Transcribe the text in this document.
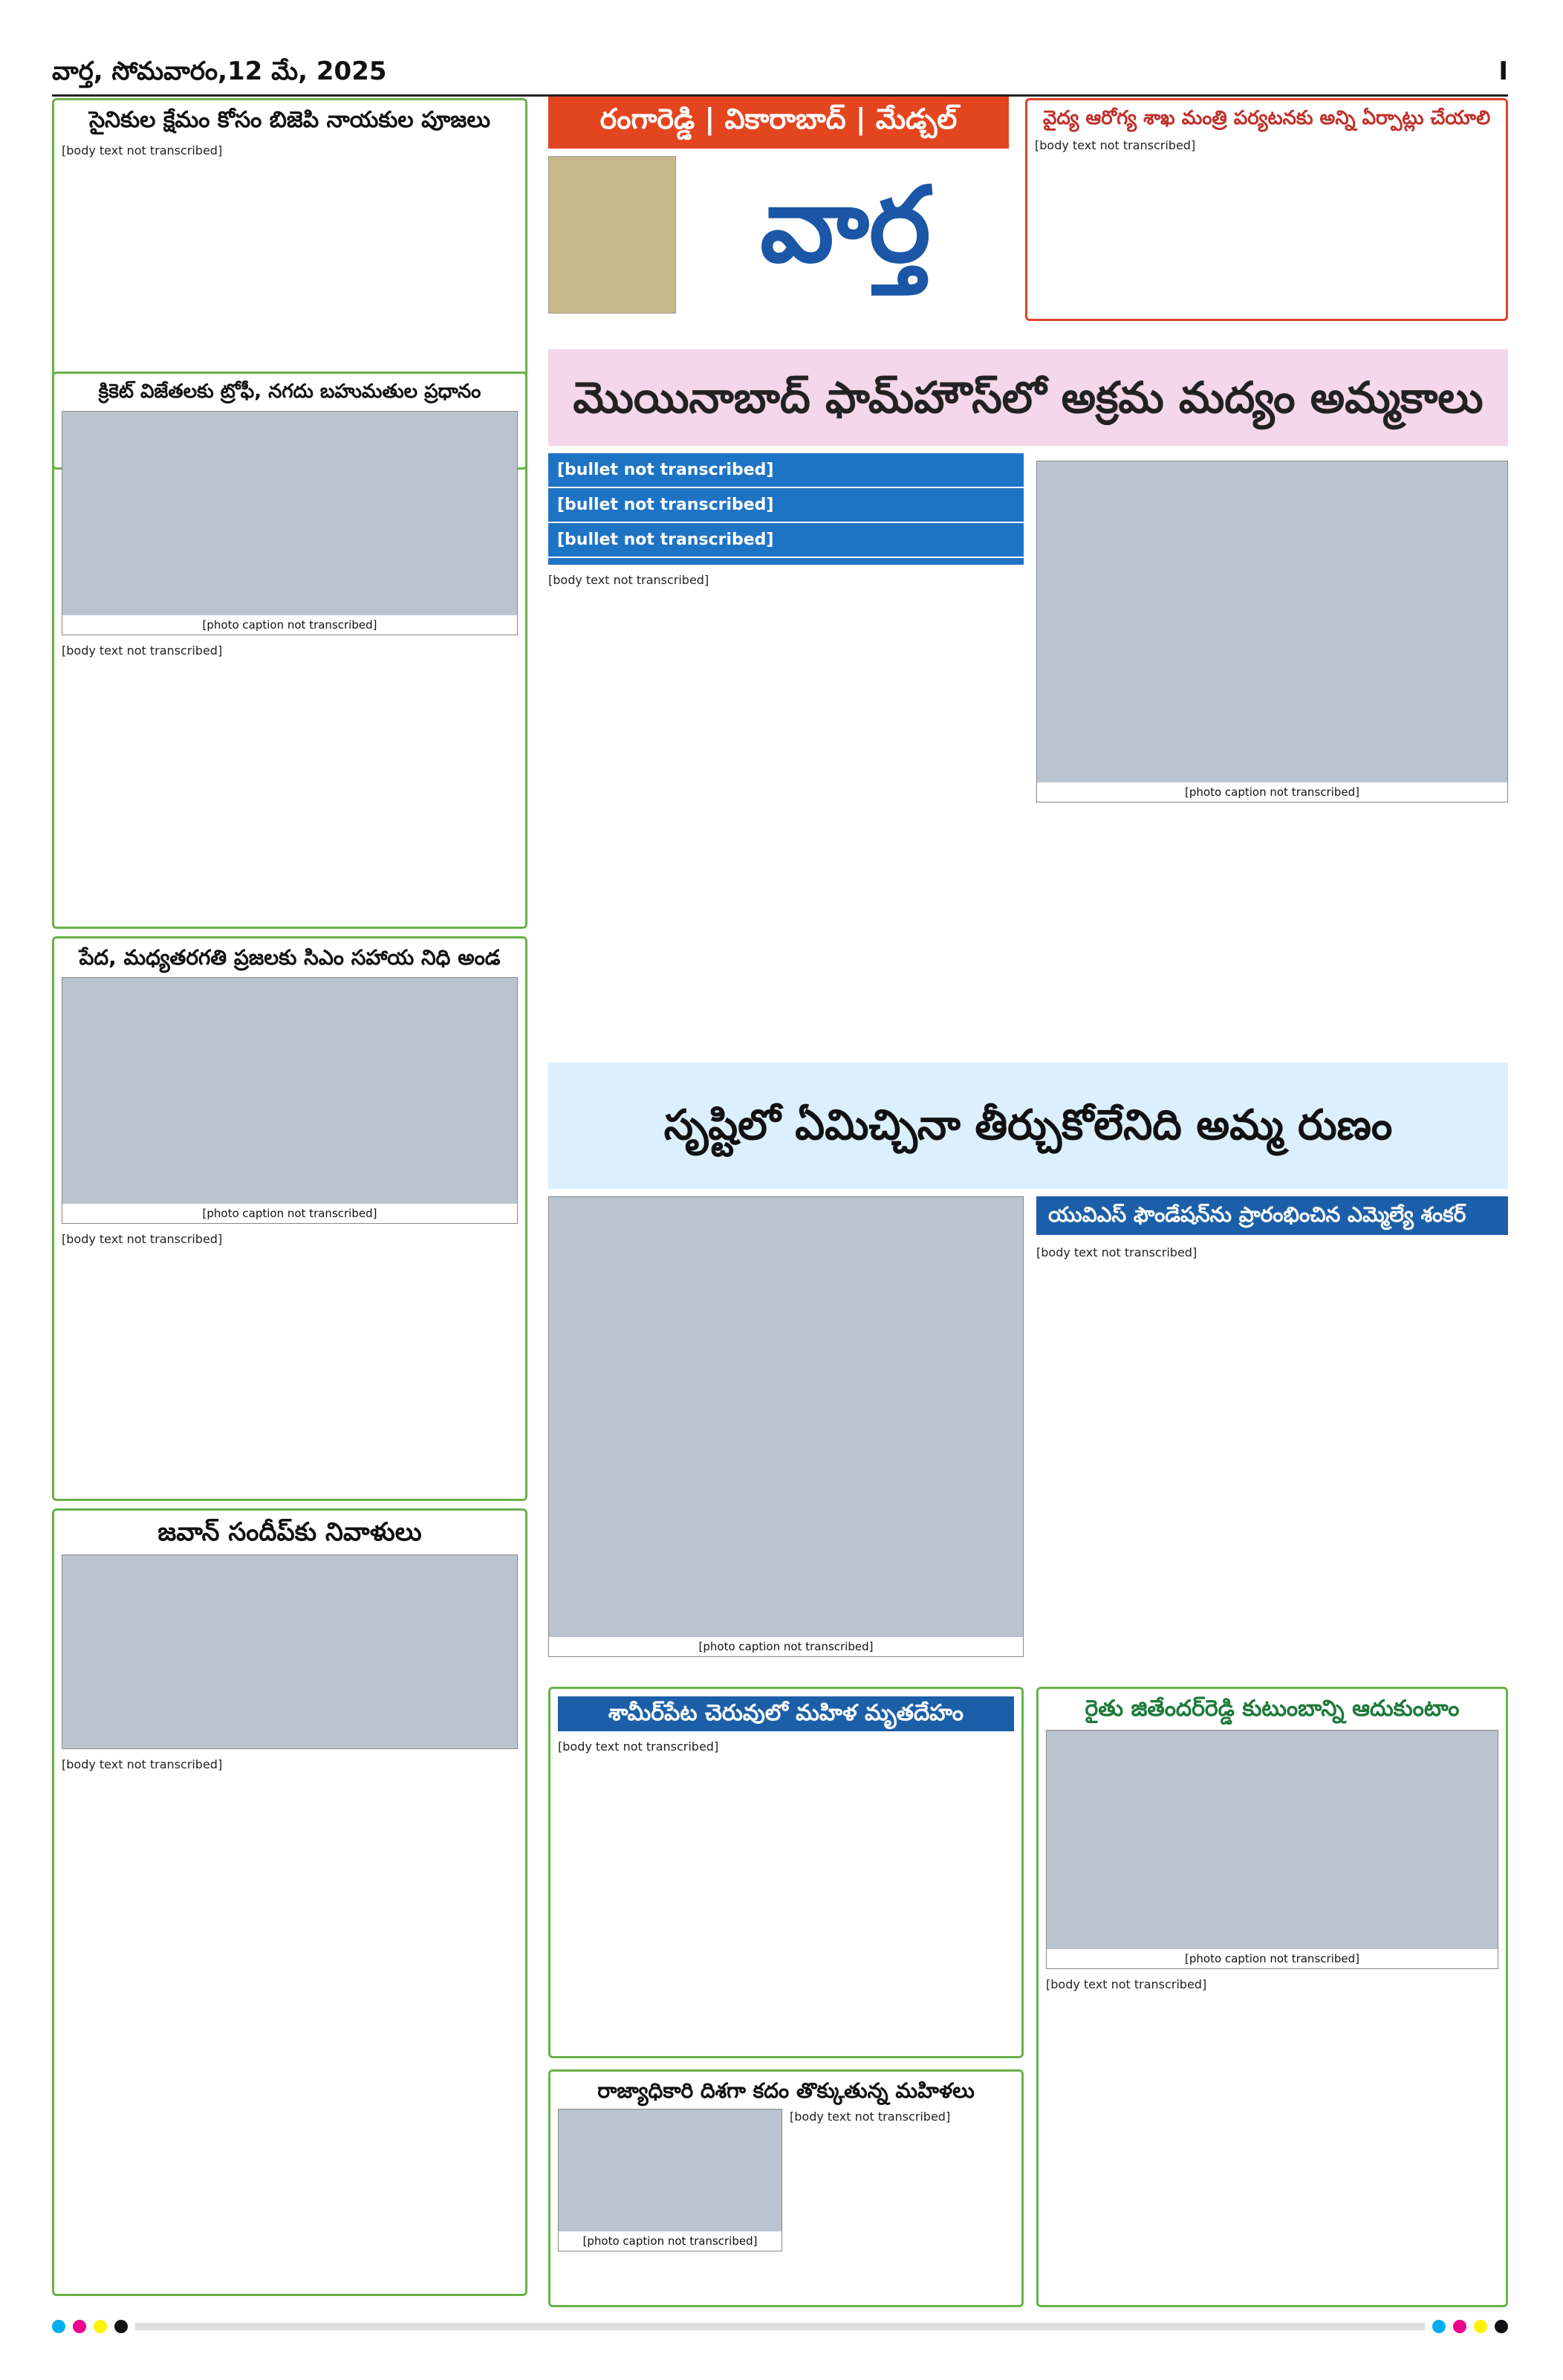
వార్త, సోమవారం,12 మే, 2025	I
సైనికుల క్షేమం కోసం బిజెపి నాయకుల పూజలు
[body text not transcribed]
రంగారెడ్డి | వికారాబాద్ | మేడ్చల్
వార్త
వైద్య ఆరోగ్య శాఖ మంత్రి పర్యటనకు అన్ని ఏర్పాట్లు చేయాలి
[body text not transcribed]
క్రికెట్ విజేతలకు ట్రోఫీ, నగదు బహుమతుల ప్రధానం
[photo caption not transcribed]
[body text not transcribed]
పేద, మధ్యతరగతి ప్రజలకు సిఎం సహాయ నిధి అండ
[photo caption not transcribed]
[body text not transcribed]
జవాన్ సందీప్‌కు నివాళులు
[body text not transcribed]
మొయినాబాద్ ఫామ్‌హౌస్‌లో అక్రమ మద్యం అమ్మకాలు
[bullet not transcribed]
[bullet not transcribed]
[bullet not transcribed]
[photo caption not transcribed]
[body text not transcribed]
సృష్టిలో ఏమిచ్చినా తీర్చుకోలేనిది అమ్మ రుణం
[photo caption not transcribed]
యువిఎస్ ఫౌండేషన్‌ను ప్రారంభించిన ఎమ్మెల్యే శంకర్
[body text not transcribed]
శామీర్‌పేట చెరువులో మహిళ మృతదేహం
[body text not transcribed]
రాజ్యాధికారి దిశగా కదం తొక్కుతున్న మహిళలు
[photo caption not transcribed]
[body text not transcribed]
రైతు జితేందర్‌రెడ్డి కుటుంబాన్ని ఆదుకుంటాం
[photo caption not transcribed]
[body text not transcribed]
